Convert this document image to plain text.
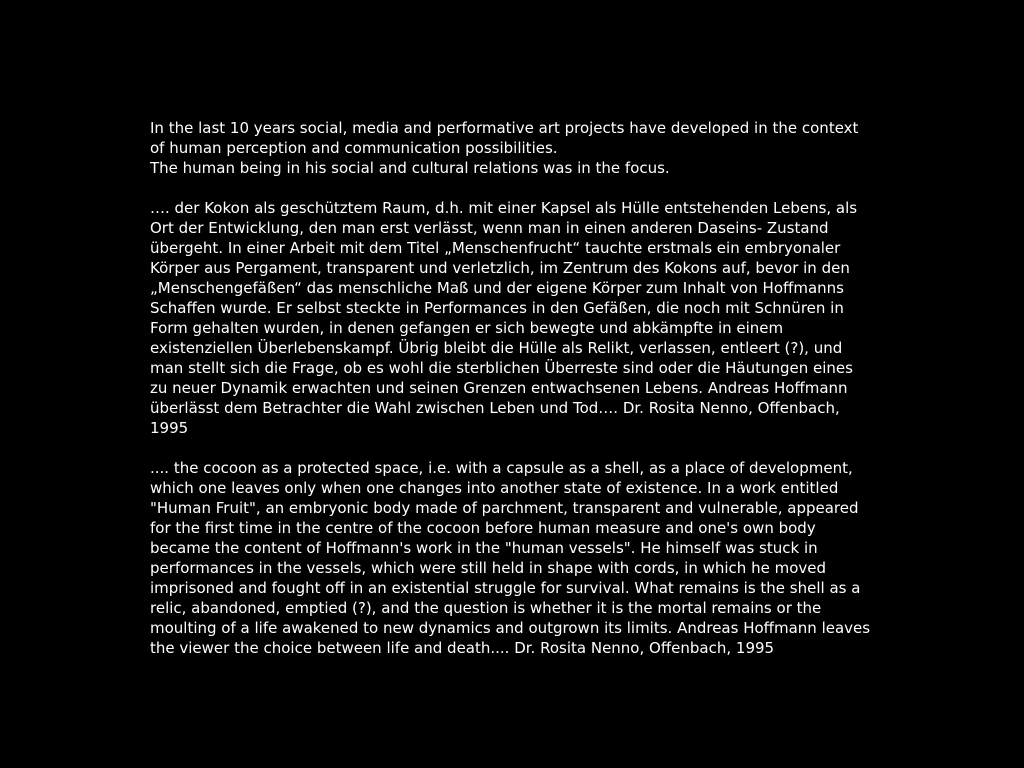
In the last 10 years social, media and performative art projects have developed in the context
of human perception and communication possibilities.
The human being in his social and cultural relations was in the focus.

…. der Kokon als geschütztem Raum, d.h. mit einer Kapsel als Hülle entstehenden Lebens, als
Ort der Entwicklung, den man erst verlässt, wenn man in einen anderen Daseins- Zustand
übergeht. In einer Arbeit mit dem Titel „Menschenfrucht“ tauchte erstmals ein embryonaler
Körper aus Pergament, transparent und verletzlich, im Zentrum des Kokons auf, bevor in den
„Menschengefäßen“ das menschliche Maß und der eigene Körper zum Inhalt von Hoffmanns
Schaffen wurde. Er selbst steckte in Performances in den Gefäßen, die noch mit Schnüren in
Form gehalten wurden, in denen gefangen er sich bewegte und abkämpfte in einem
existenziellen Überlebenskampf. Übrig bleibt die Hülle als Relikt, verlassen, entleert (?), und
man stellt sich die Frage, ob es wohl die sterblichen Überreste sind oder die Häutungen eines
zu neuer Dynamik erwachten und seinen Grenzen entwachsenen Lebens. Andreas Hoffmann
überlässt dem Betrachter die Wahl zwischen Leben und Tod…. Dr. Rosita Nenno, Offenbach,
1995

.... the cocoon as a protected space, i.e. with a capsule as a shell, as a place of development,
which one leaves only when one changes into another state of existence. In a work entitled
"Human Fruit", an embryonic body made of parchment, transparent and vulnerable, appeared
for the first time in the centre of the cocoon before human measure and one's own body
became the content of Hoffmann's work in the "human vessels". He himself was stuck in
performances in the vessels, which were still held in shape with cords, in which he moved
imprisoned and fought off in an existential struggle for survival. What remains is the shell as a
relic, abandoned, emptied (?), and the question is whether it is the mortal remains or the
moulting of a life awakened to new dynamics and outgrown its limits. Andreas Hoffmann leaves
the viewer the choice between life and death.... Dr. Rosita Nenno, Offenbach, 1995
